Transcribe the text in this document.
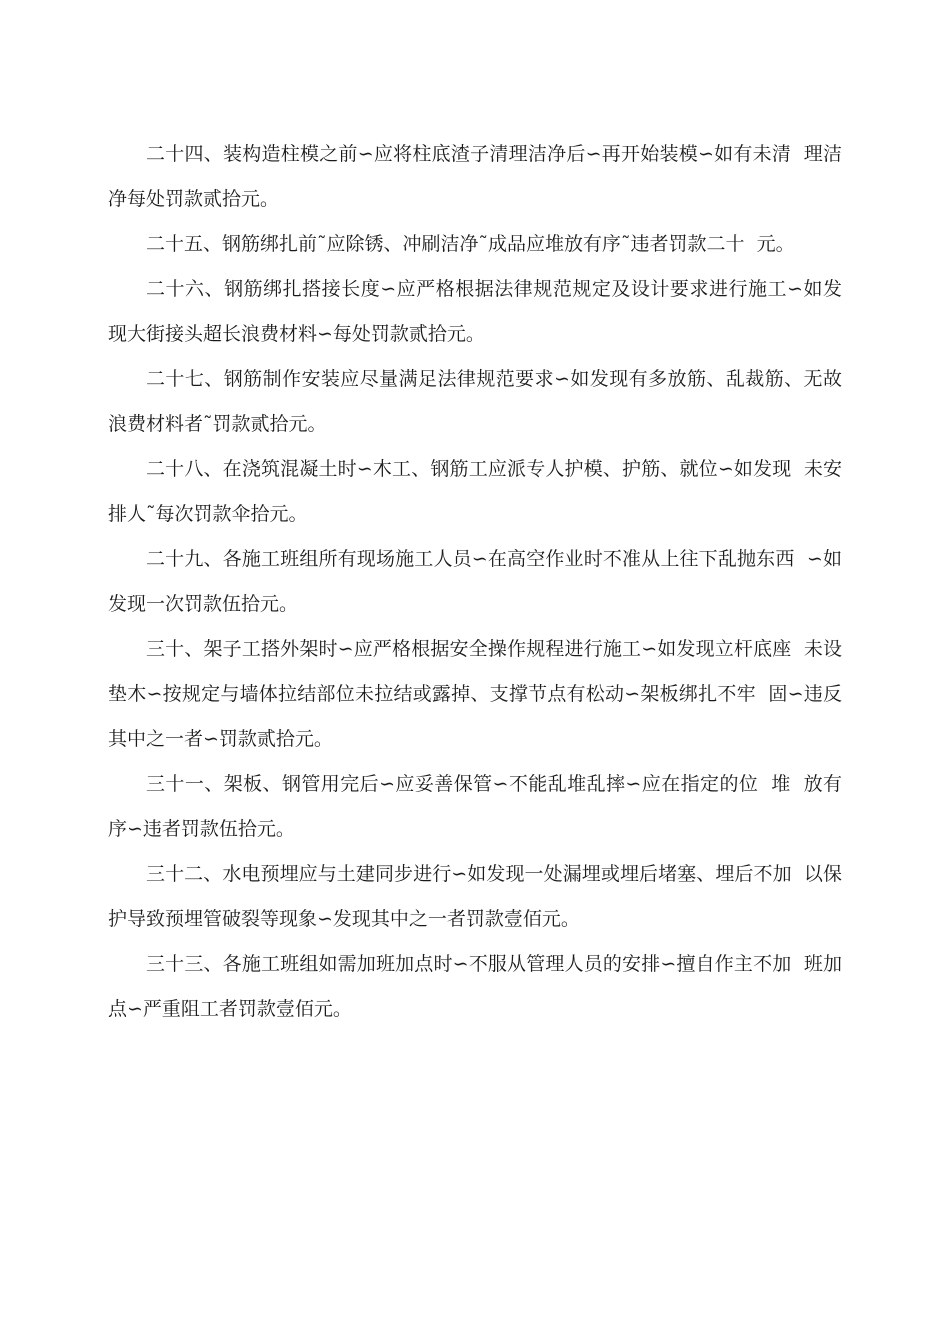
二十四、装构造柱模之前∽应将柱底渣子清理洁净后∽再开始装模∽如有未清  理洁净每处罚款贰拾元。

二十五、钢筋绑扎前˜应除锈、冲刷洁净˜成品应堆放有序˜违者罚款二十  元。

二十六、钢筋绑扎搭接长度∽应严格根据法律规范规定及设计要求进行施工∽如发现大街接头超长浪费材料∽每处罚款贰拾元。

二十七、钢筋制作安装应尽量满足法律规范要求∽如发现有多放筋、乱裁筋、无故浪费材料者˜罚款贰拾元。

二十八、在浇筑混凝土时∽木工、钢筋工应派专人护模、护筋、就位∽如发现  未安排人˜每次罚款伞拾元。

二十九、各施工班组所有现场施工人员∽在高空作业时不准从上往下乱抛东西  ∽如发现一次罚款伍拾元。

三十、架子工搭外架时∽应严格根据安全操作规程进行施工∽如发现立杆底座  未设垫木∽按规定与墙体拉结部位未拉结或露掉、支撑节点有松动∽架板绑扎不牢  固∽违反其中之一者∽罚款贰拾元。

三十一、架板、钢管用完后∽应妥善保管∽不能乱堆乱摔∽应在指定的位  堆  放有序∽违者罚款伍拾元。

三十二、水电预埋应与土建同步进行∽如发现一处漏埋或埋后堵塞、埋后不加  以保护导致预埋管破裂等现象∽发现其中之一者罚款壹佰元。

三十三、各施工班组如需加班加点时∽不服从管理人员的安排∽擅自作主不加  班加点∽严重阻工者罚款壹佰元。
